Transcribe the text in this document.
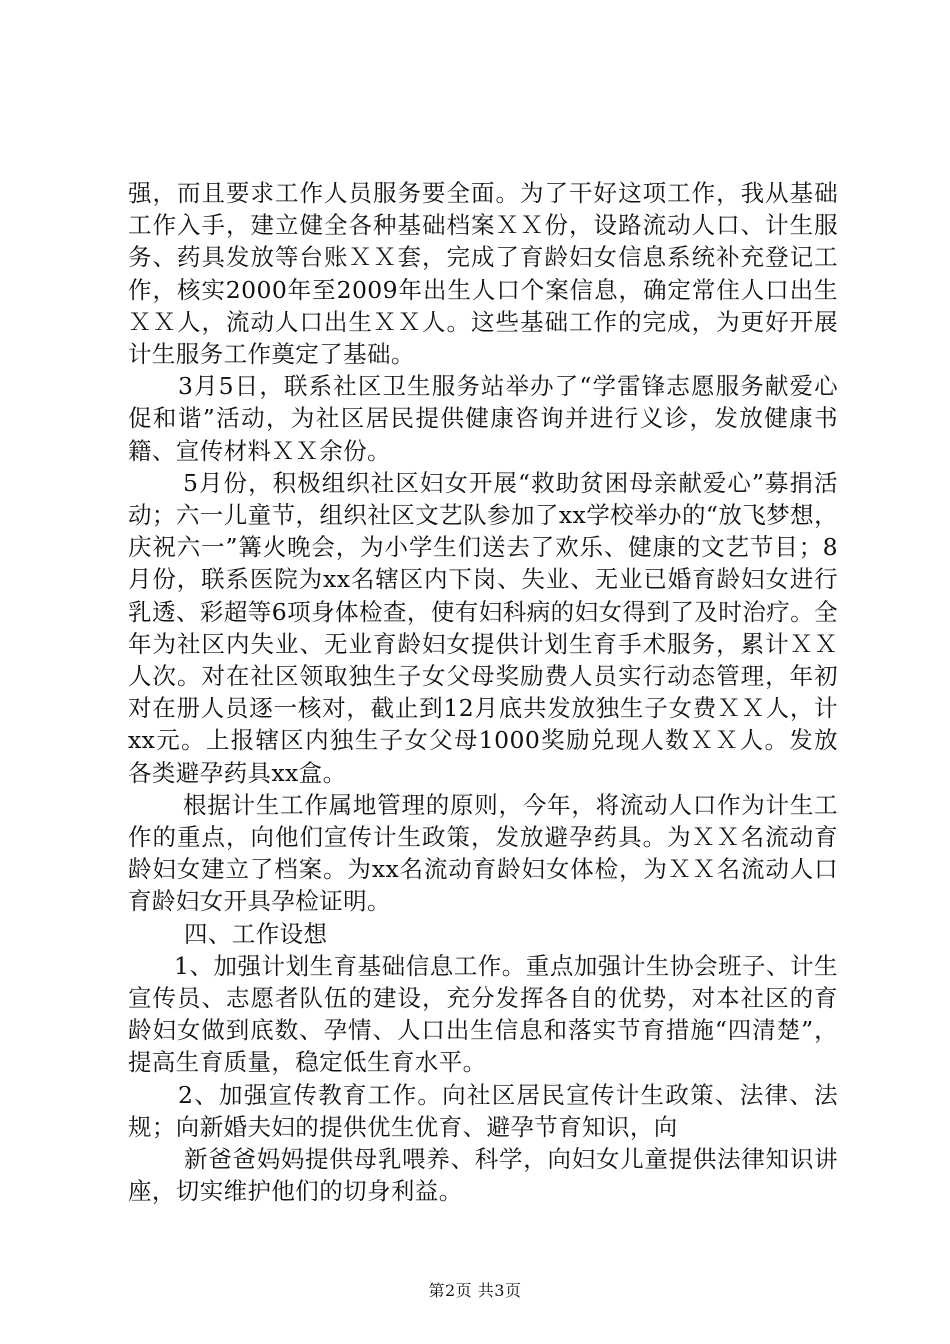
强，而且要求工作人员服务要全面。为了干好这项工作，我从基础工作入手，建立健全各种基础档案ＸＸ份，设路流动人口、计生服务、药具发放等台账ＸＸ套，完成了育龄妇女信息系统补充登记工作，核实2000年至2009年出生人口个案信息，确定常住人口出生ＸＸ人，流动人口出生ＸＸ人。这些基础工作的完成，为更好开展计生服务工作奠定了基础。

3月5日，联系社区卫生服务站举办了“学雷锋志愿服务献爱心促和谐”活动，为社区居民提供健康咨询并进行义诊，发放健康书籍、宣传材料ＸＸ余份。

5月份，积极组织社区妇女开展“救助贫困母亲献爱心”募捐活动；六一儿童节，组织社区文艺队参加了xx学校举办的“放飞梦想，庆祝六一”篝火晚会，为小学生们送去了欢乐、健康的文艺节目；8月份，联系医院为xx名辖区内下岗、失业、无业已婚育龄妇女进行乳透、彩超等6项身体检查，使有妇科病的妇女得到了及时治疗。全年为社区内失业、无业育龄妇女提供计划生育手术服务，累计ＸＸ人次。对在社区领取独生子女父母奖励费人员实行动态管理，年初对在册人员逐一核对，截止到12月底共发放独生子女费ＸＸ人，计xx元。上报辖区内独生子女父母1000奖励兑现人数ＸＸ人。发放各类避孕药具xx盒。

根据计生工作属地管理的原则，今年，将流动人口作为计生工作的重点，向他们宣传计生政策，发放避孕药具。为ＸＸ名流动育龄妇女建立了档案。为xx名流动育龄妇女体检，为ＸＸ名流动人口育龄妇女开具孕检证明。

四、工作设想

1、加强计划生育基础信息工作。重点加强计生协会班子、计生宣传员、志愿者队伍的建设，充分发挥各自的优势，对本社区的育龄妇女做到底数、孕情、人口出生信息和落实节育措施“四清楚”，提高生育质量，稳定低生育水平。

2、加强宣传教育工作。向社区居民宣传计生政策、法律、法规；向新婚夫妇的提供优生优育、避孕节育知识，向

新爸爸妈妈提供母乳喂养、科学，向妇女儿童提供法律知识讲座，切实维护他们的切身利益。

第2页 共3页
